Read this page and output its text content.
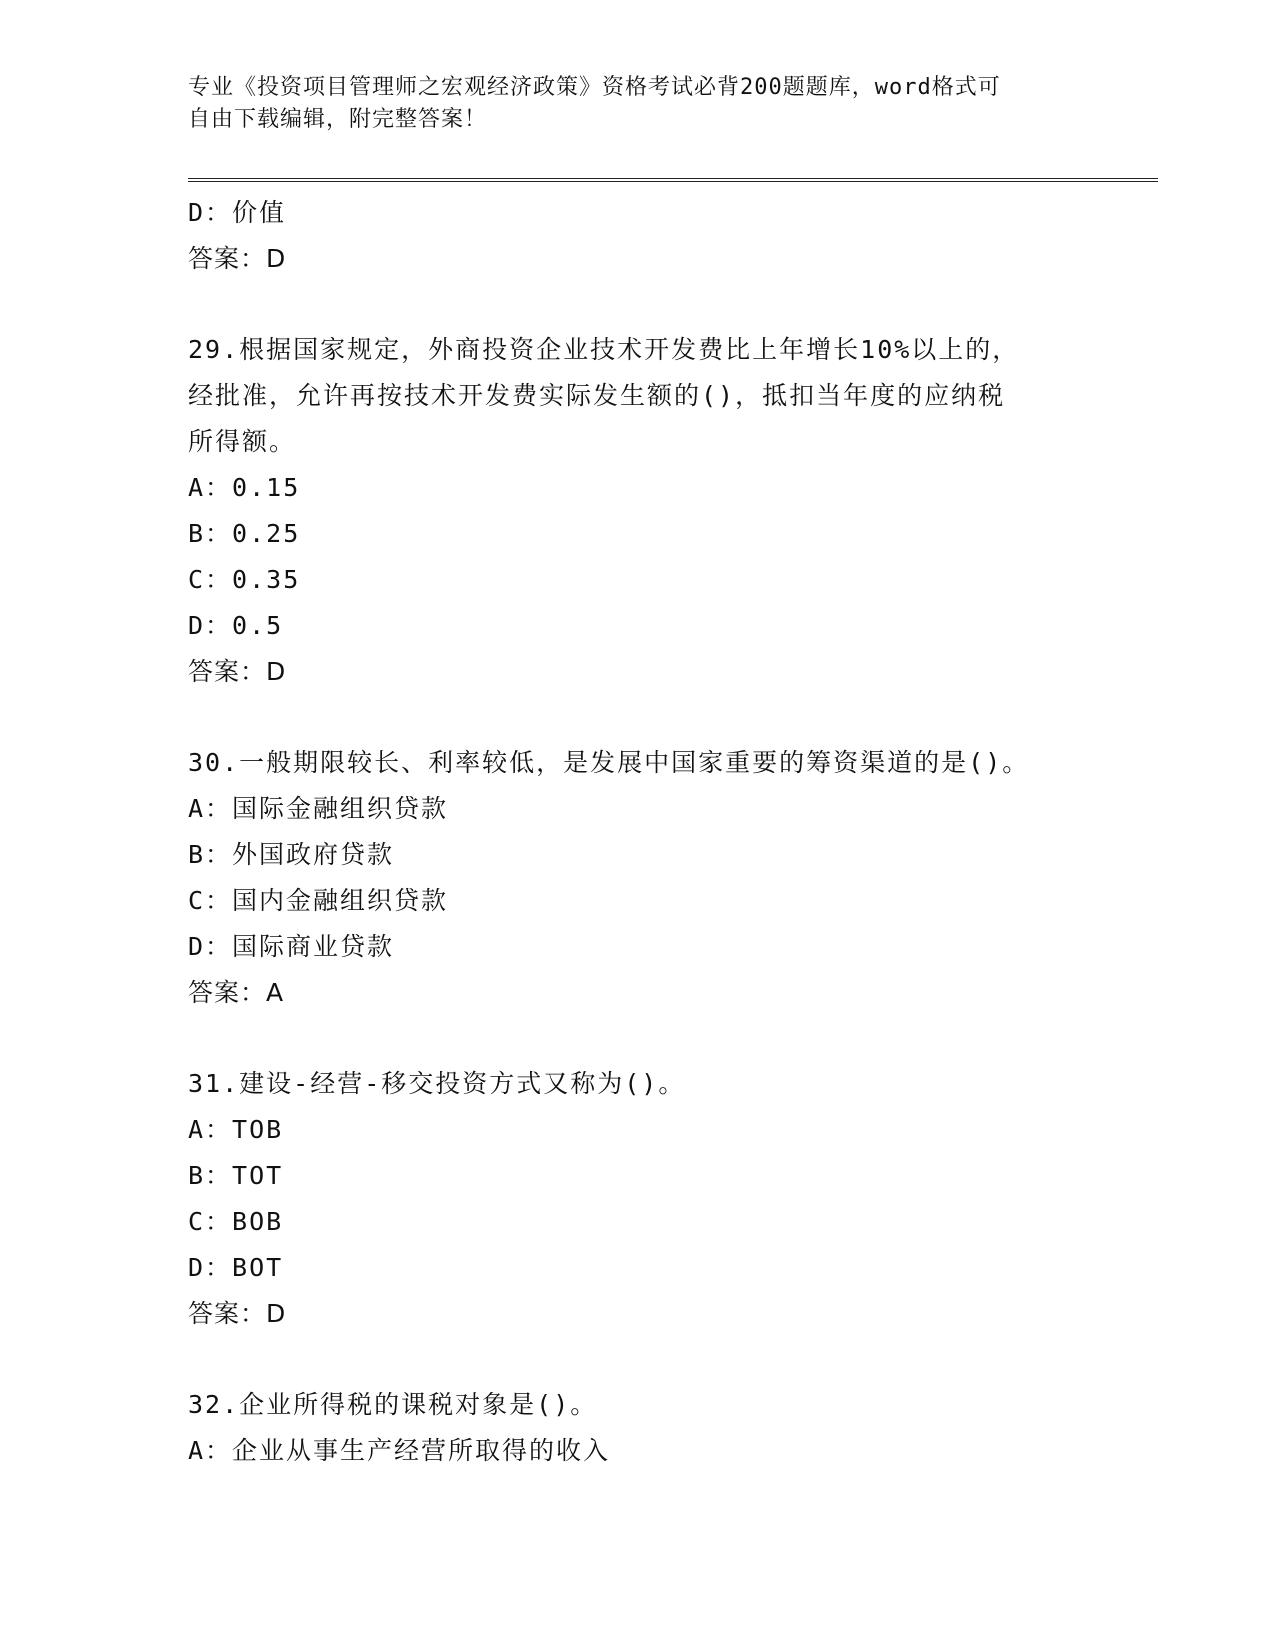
专业《投资项目管理师之宏观经济政策》资格考试必背200题题库，word格式可
自由下载编辑，附完整答案！
D：价值
答案：D
29.根据国家规定，外商投资企业技术开发费比上年增长10%以上的，
经批准，允许再按技术开发费实际发生额的()，抵扣当年度的应纳税
所得额。
A：0.15
B：0.25
C：0.35
D：0.5
答案：D
30.一般期限较长、利率较低，是发展中国家重要的筹资渠道的是()。
A：国际金融组织贷款
B：外国政府贷款
C：国内金融组织贷款
D：国际商业贷款
答案：A
31.建设-经营-移交投资方式又称为()。
A：TOB
B：TOT
C：BOB
D：BOT
答案：D
32.企业所得税的课税对象是()。
A：企业从事生产经营所取得的收入
